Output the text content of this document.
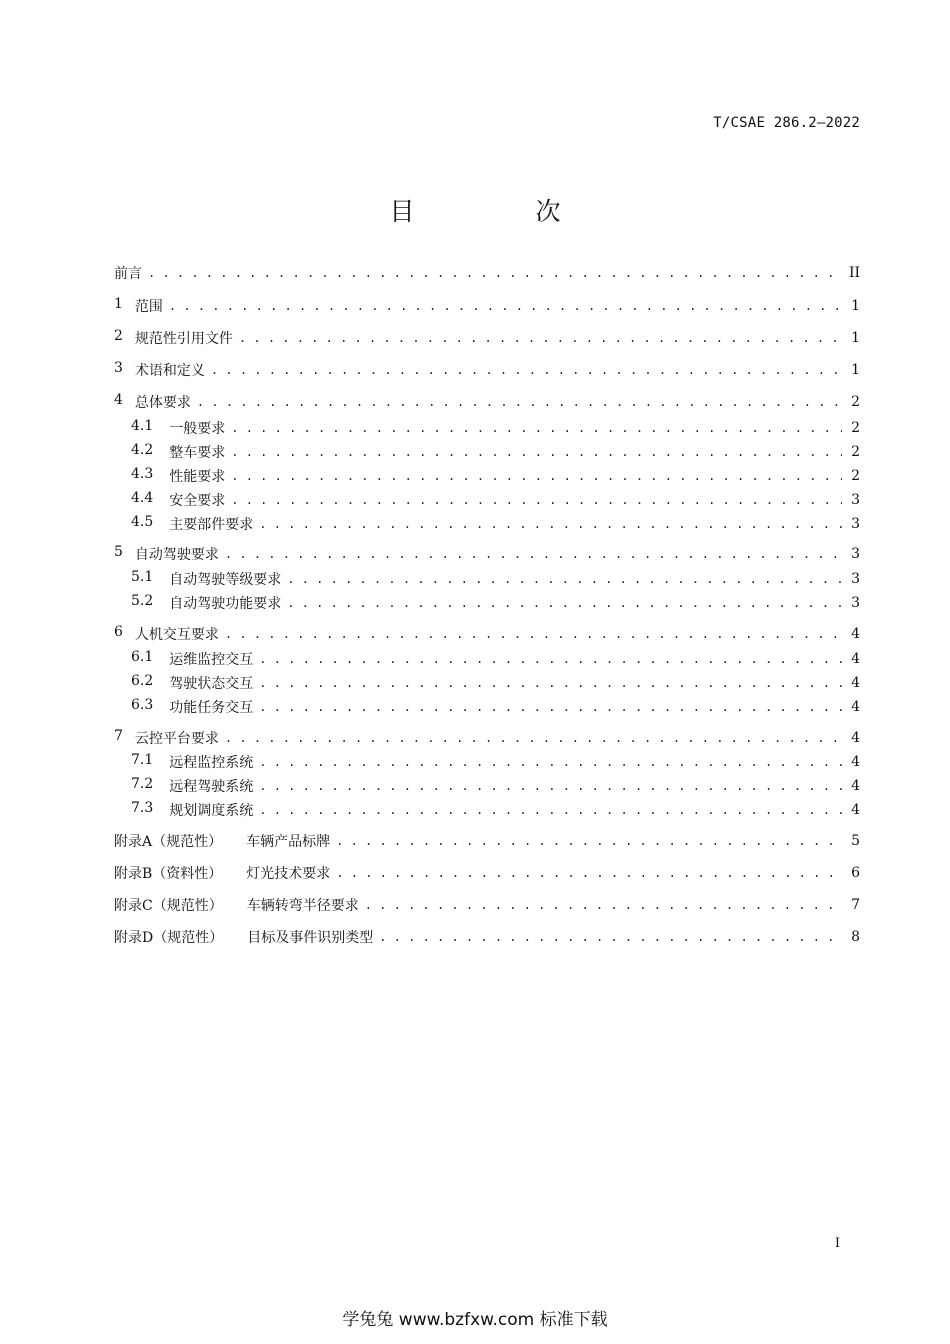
T/CSAE 286.2—2022
目　次
前言 . . .	II
1 范围 . . .	1
2 规范性引用文件 . . .	1
3 术语和定义 . . .	1
4 总体要求 . . .	2
4.1 一般要求 . . .	2
4.2 整车要求 . . .	2
4.3 性能要求 . . .	2
4.4 安全要求 . . .	3
4.5 主要部件要求 . . .	3
5 自动驾驶要求 . . .	3
5.1 自动驾驶等级要求 . . .	3
5.2 自动驾驶功能要求 . . .	3
6 人机交互要求 . . .	4
6.1 运维监控交互 . . .	4
6.2 驾驶状态交互 . . .	4
6.3 功能任务交互 . . .	4
7 云控平台要求 . . .	4
7.1 远程监控系统 . . .	4
7.2 远程驾驶系统 . . .	4
7.3 规划调度系统 . . .	4
附录A（规范性） 车辆产品标牌 . . .	5
附录B（资料性） 灯光技术要求 . . .	6
附录C（规范性） 车辆转弯半径要求 . . .	7
附录D（规范性） 目标及事件识别类型 . . .	8
I
学兔兔 www.bzfxw.com 标准下载
